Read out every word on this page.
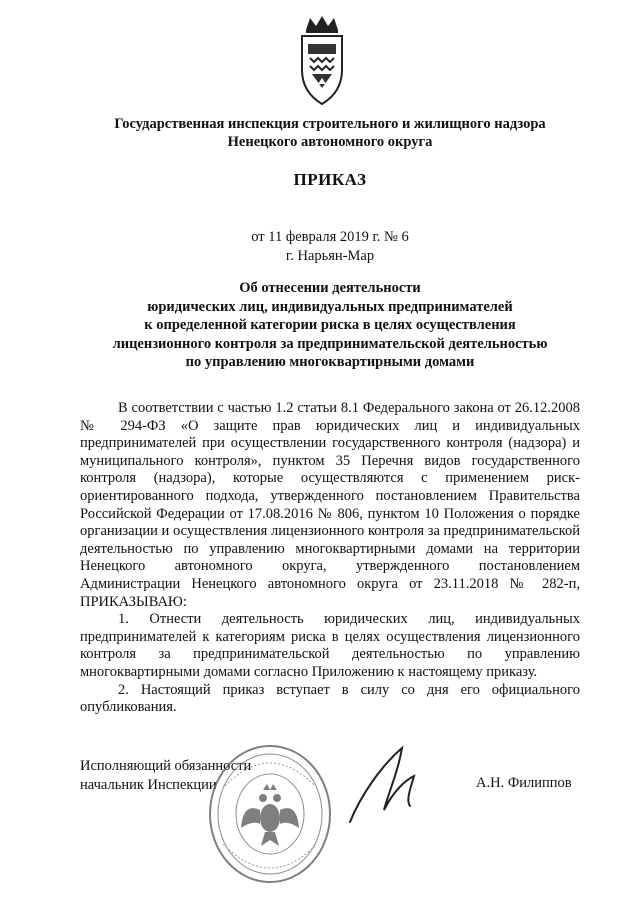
Государственная инспекция строительного и жилищного надзора
Ненецкого автономного округа
ПРИКАЗ
от 11 февраля 2019 г. № 6
г. Нарьян-Мар
Об отнесении деятельности
юридических лиц, индивидуальных предпринимателей
к определенной категории риска в целях осуществления
лицензионного контроля за предпринимательской деятельностью
по управлению многоквартирными домами

В соответствии с частью 1.2 статьи 8.1 Федерального закона от 26.12.2008 № 294-ФЗ «О защите прав юридических лиц и индивидуальных предпринимателей при осуществлении государственного контроля (надзора) и муниципального контроля», пунктом 35 Перечня видов государственного контроля (надзора), которые осуществляются с применением риск-ориентированного подхода, утвержденного постановлением Правительства Российской Федерации от 17.08.2016 № 806, пунктом 10 Положения о порядке организации и осуществления лицензионного контроля за предпринимательской деятельностью по управлению многоквартирными домами на территории Ненецкого автономного округа, утвержденного постановлением Администрации Ненецкого автономного округа от 23.11.2018 № 282-п, ПРИКАЗЫВАЮ:

1. Отнести деятельность юридических лиц, индивидуальных предпринимателей к категориям риска в целях осуществления лицензионного контроля за предпринимательской деятельностью по управлению многоквартирными домами согласно Приложению к настоящему приказу.

2. Настоящий приказ вступает в силу со дня его официального опубликования.

Исполняющий обязанности
начальник Инспекции	А.Н. Филиппов
